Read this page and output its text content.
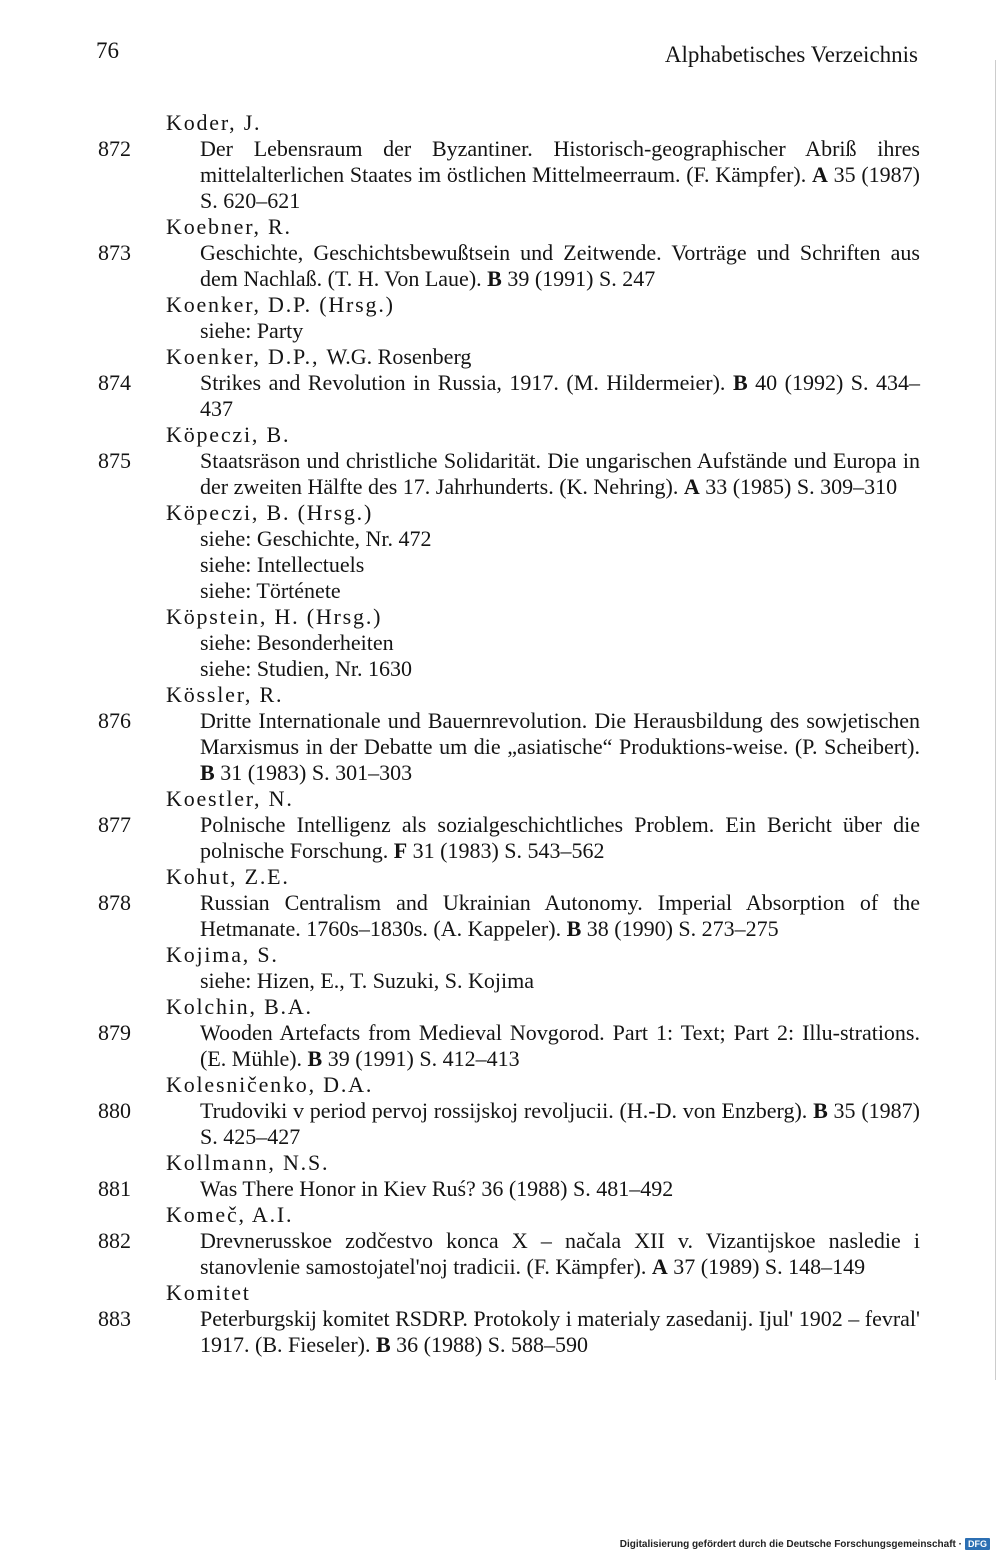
76	Alphabetisches Verzeichnis
Koder, J.
872	Der Lebensraum der Byzantiner. Historisch-geographischer Abriß ihres mittelalterlichen Staates im östlichen Mittelmeerraum. (F. Kämpfer). A 35 (1987) S. 620–621
Koebner, R.
873	Geschichte, Geschichtsbewußtsein und Zeitwende. Vorträge und Schriften aus dem Nachlaß. (T. H. Von Laue). B 39 (1991) S. 247
Koenker, D.P. (Hrsg.)
siehe: Party
Koenker, D.P., W.G. Rosenberg
874	Strikes and Revolution in Russia, 1917. (M. Hildermeier). B 40 (1992) S. 434–437
Köpeczi, B.
875	Staatsräson und christliche Solidarität. Die ungarischen Aufstände und Europa in der zweiten Hälfte des 17. Jahrhunderts. (K. Nehring). A 33 (1985) S. 309–310
Köpeczi, B. (Hrsg.)
siehe: Geschichte, Nr. 472
siehe: Intellectuels
siehe: Története
Köpstein, H. (Hrsg.)
siehe: Besonderheiten
siehe: Studien, Nr. 1630
Kössler, R.
876	Dritte Internationale und Bauernrevolution. Die Herausbildung des sowjetischen Marxismus in der Debatte um die „asiatische“ Produktions-weise. (P. Scheibert). B 31 (1983) S. 301–303
Koestler, N.
877	Polnische Intelligenz als sozialgeschichtliches Problem. Ein Bericht über die polnische Forschung. F 31 (1983) S. 543–562
Kohut, Z.E.
878	Russian Centralism and Ukrainian Autonomy. Imperial Absorption of the Hetmanate. 1760s–1830s. (A. Kappeler). B 38 (1990) S. 273–275
Kojima, S.
siehe: Hizen, E., T. Suzuki, S. Kojima
Kolchin, B.A.
879	Wooden Artefacts from Medieval Novgorod. Part 1: Text; Part 2: Illu-strations. (E. Mühle). B 39 (1991) S. 412–413
Kolesničenko, D.A.
880	Trudoviki v period pervoj rossijskoj revoljucii. (H.-D. von Enzberg). B 35 (1987) S. 425–427
Kollmann, N.S.
881	Was There Honor in Kiev Ruś? 36 (1988) S. 481–492
Komeč, A.I.
882	Drevnerusskoe zodčestvo konca X – načala XII v. Vizantijskoe nasledie i stanovlenie samostojatel'noj tradicii. (F. Kämpfer). A 37 (1989) S. 148–149
Komitet
883	Peterburgskij komitet RSDRP. Protokoly i materialy zasedanij. Ijul' 1902 – fevral' 1917. (B. Fieseler). B 36 (1988) S. 588–590
Digitalisierung gefördert durch die Deutsche Forschungsgemeinschaft · DFG
